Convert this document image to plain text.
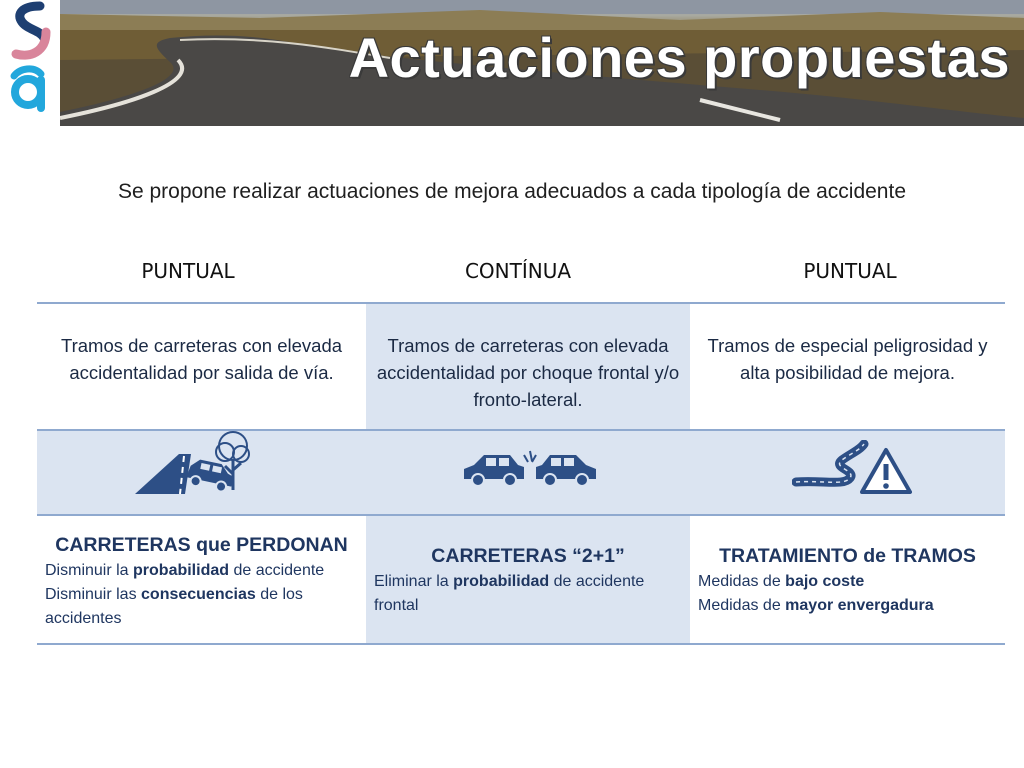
Actuaciones propuestas
Se propone realizar actuaciones de mejora adecuados a cada tipología de accidente
PUNTUAL	CONTÍNUA	PUNTUAL
Tramos de carreteras con elevada accidentalidad por salida de vía.
Tramos de carreteras con elevada accidentalidad por choque frontal y/o fronto-lateral.
Tramos de especial peligrosidad y alta posibilidad de mejora.
CARRETERAS que PERDONAN
Disminuir la probabilidad de accidente
Disminuir las consecuencias de los accidentes
CARRETERAS “2+1”
Eliminar la probabilidad de accidente frontal
TRATAMIENTO de TRAMOS
Medidas de bajo coste
Medidas de mayor envergadura
